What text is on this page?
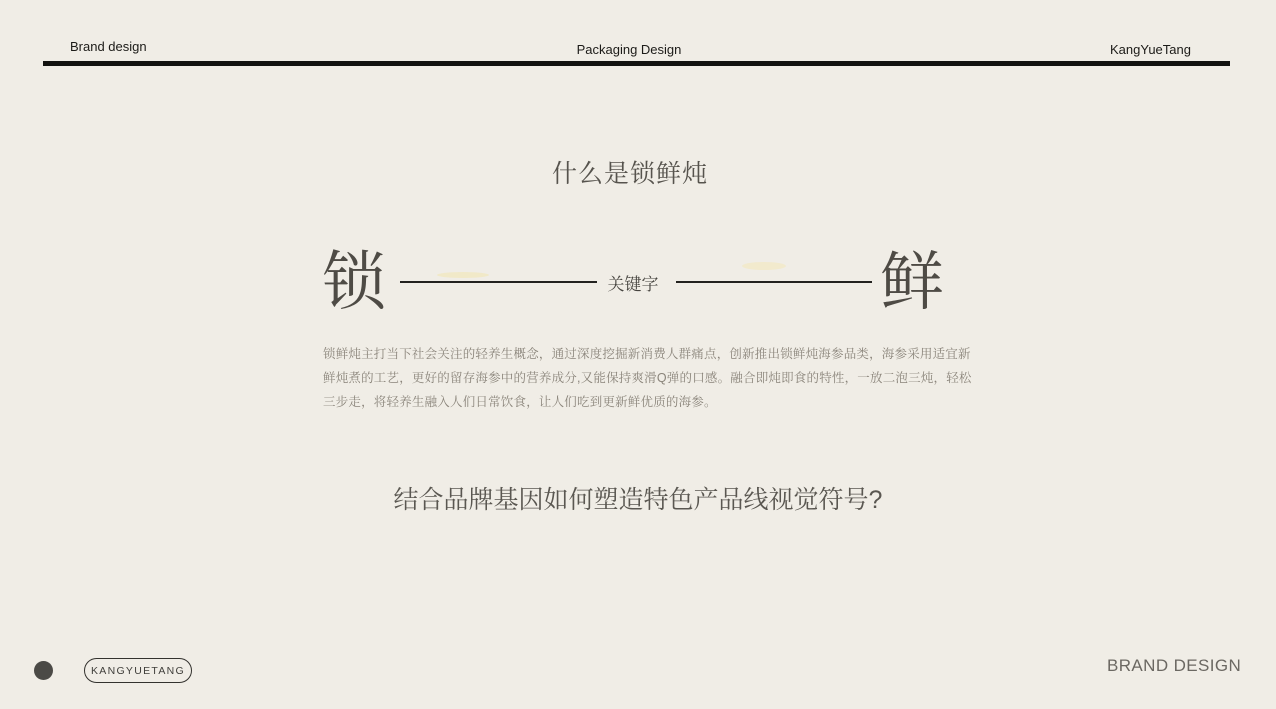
Brand design	Packaging Design	KangYueTang
什么是锁鲜炖
锁	关键字	鲜
锁鲜炖主打当下社会关注的轻养生概念，通过深度挖掘新消费人群痛点，创新推出锁鲜炖海参品类，海参采用适宜新
鲜炖煮的工艺，更好的留存海参中的营养成分,又能保持爽滑Q弹的口感。融合即炖即食的特性，一放二泡三炖，轻松
三步走，将轻养生融入人们日常饮食，让人们吃到更新鲜优质的海参。
结合品牌基因如何塑造特色产品线视觉符号?
KANGYUETANG	BRAND DESIGN
